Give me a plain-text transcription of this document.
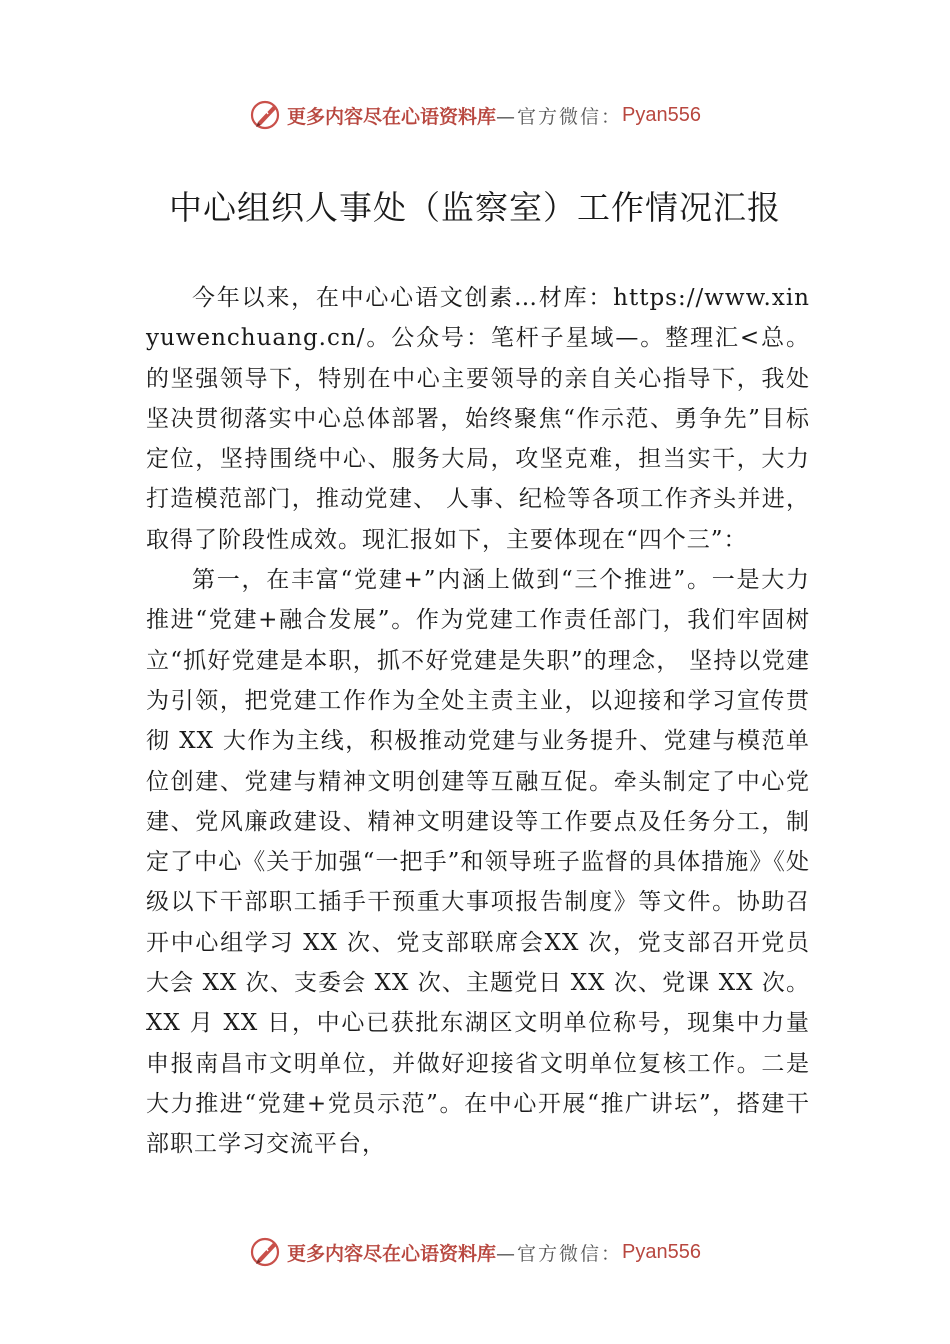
更多内容尽在心语资料库 —官方微信： Pyan556
中心组织人事处（监察室）工作情况汇报

今年以来，在中心心语文创素…材库：https://www.xinyuwenchuang.cn/。公众号：笔杆子星域—。整理汇<总。的坚强领导下，特别在中心主要领导的亲自关心指导下，我处坚决贯彻落实中心总体部署，始终聚焦“作示范、勇争先”目标定位，坚持围绕中心、服务大局，攻坚克难，担当实干，大力打造模范部门，推动党建、 人事、纪检等各项工作齐头并进，取得了阶段性成效。现汇报如下，主要体现在“四个三”：

第一，在丰富“党建+”内涵上做到“三个推进”。一是大力推进“党建+融合发展”。作为党建工作责任部门，我们牢固树立“抓好党建是本职，抓不好党建是失职”的理念， 坚持以党建为引领，把党建工作作为全处主责主业，以迎接和学习宣传贯彻 XX 大作为主线，积极推动党建与业务提升、党建与模范单位创建、党建与精神文明创建等互融互促。牵头制定了中心党建、党风廉政建设、精神文明建设等工作要点及任务分工，制定了中心《关于加强“一把手”和领导班子监督的具体措施》《处级以下干部职工插手干预重大事项报告制度》等文件。协助召开中心组学习 XX 次、党支部联席会XX 次，党支部召开党员大会 XX 次、支委会 XX 次、主题党日 XX 次、党课 XX 次。XX 月 XX 日，中心已获批东湖区文明单位称号，现集中力量申报南昌市文明单位，并做好迎接省文明单位复核工作。二是大力推进“党建+党员示范”。在中心开展“推广讲坛”，搭建干部职工学习交流平台，

更多内容尽在心语资料库 —官方微信： Pyan556
